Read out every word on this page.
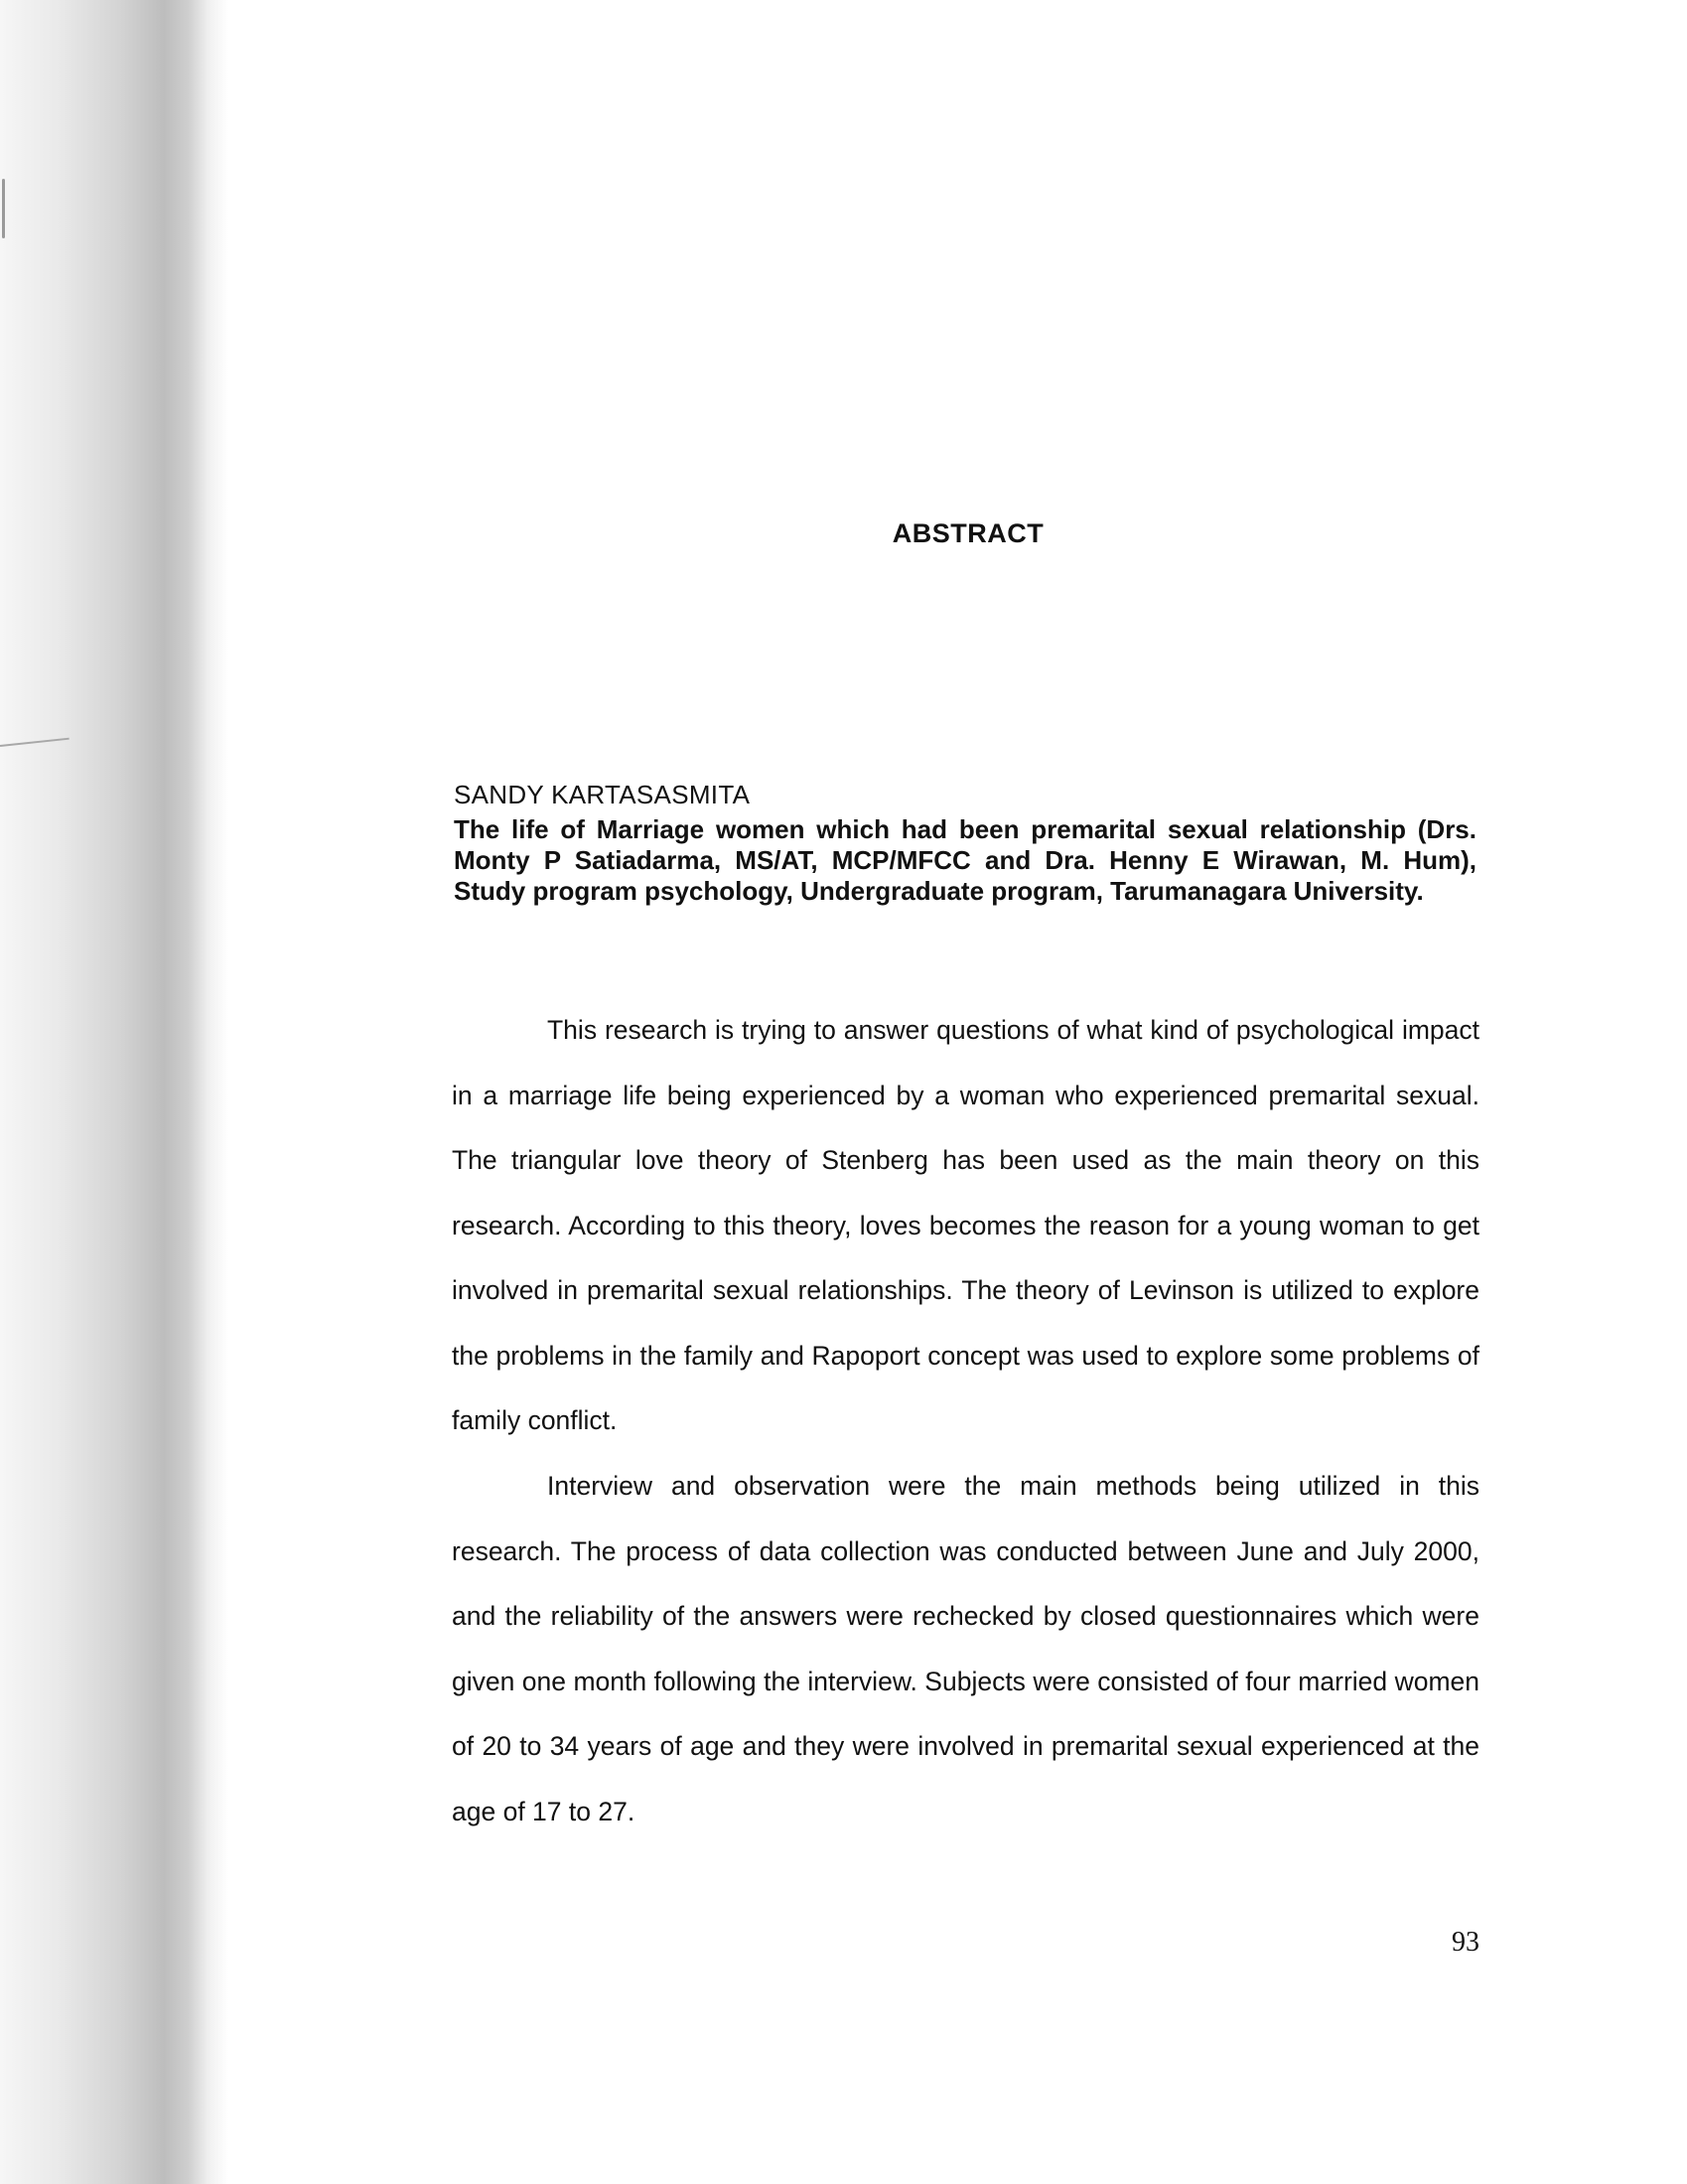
ABSTRACT
SANDY KARTASASMITA
The life of Marriage women which had been premarital sexual relationship (Drs. Monty P Satiadarma, MS/AT, MCP/MFCC and Dra. Henny E Wirawan, M. Hum), Study program psychology, Undergraduate program, Tarumanagara University.

This research is trying to answer questions of what kind of psychological impact in a marriage life being experienced by a woman who experienced premarital sexual. The triangular love theory of Stenberg has been used as the main theory on this research. According to this theory, loves becomes the reason for a young woman to get involved in premarital sexual relationships. The theory of Levinson is utilized to explore the problems in the family and Rapoport concept was used to explore some problems of family conflict.

Interview and observation were the main methods being utilized in this research. The process of data collection was conducted between June and July 2000, and the reliability of the answers were rechecked by closed questionnaires which were given one month following the interview. Subjects were consisted of four married women of 20 to 34 years of age and they were involved in premarital sexual experienced at the age of 17 to 27.

93
